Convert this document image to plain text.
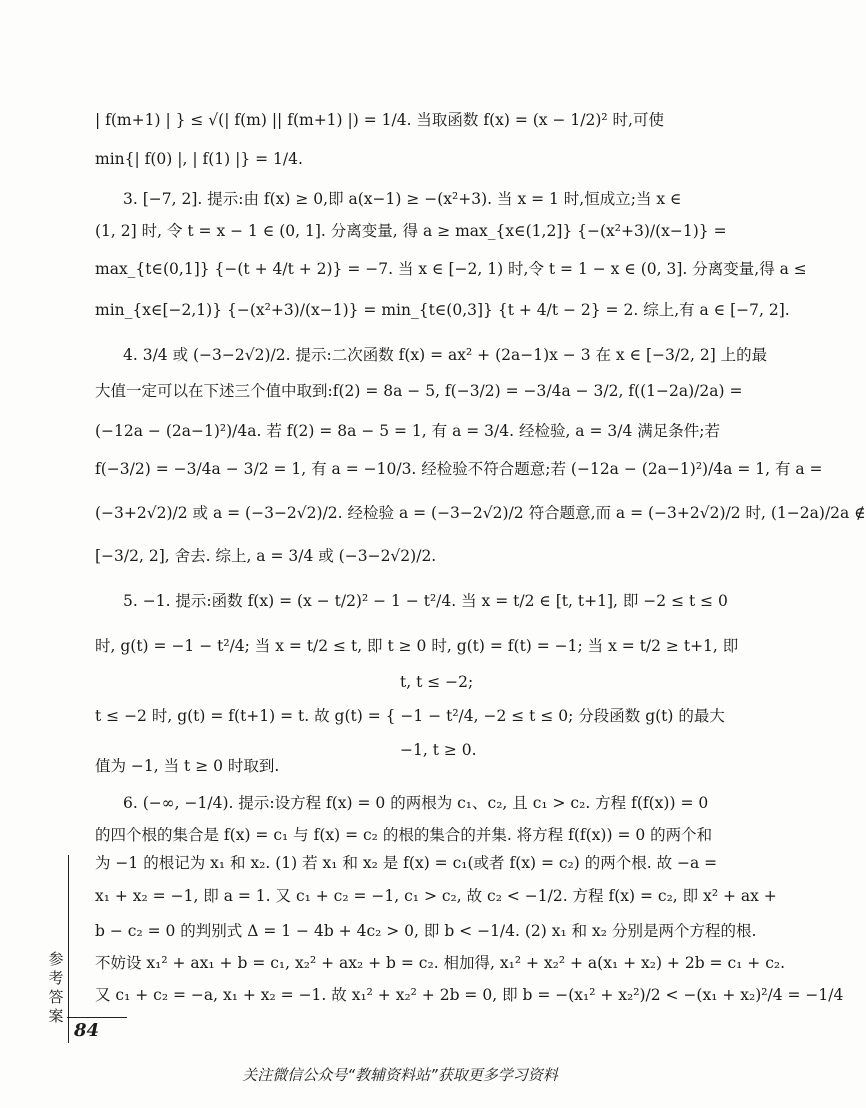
| f(m+1) | } ≤ √(| f(m) || f(m+1) |) = 1/4. 当取函数 f(x) = (x − 1/2)² 时,可使
min{| f(0) |, | f(1) |} = 1/4.
3. [−7, 2]. 提示:由 f(x) ≥ 0,即 a(x−1) ≥ −(x²+3). 当 x = 1 时,恒成立;当 x ∈
(1, 2] 时, 令 t = x − 1 ∈ (0, 1]. 分离变量, 得 a ≥ max_{x∈(1,2]} {−(x²+3)/(x−1)} =
max_{t∈(0,1]} {−(t + 4/t + 2)} = −7. 当 x ∈ [−2, 1) 时,令 t = 1 − x ∈ (0, 3]. 分离变量,得 a ≤
min_{x∈[−2,1)} {−(x²+3)/(x−1)} = min_{t∈(0,3]} {t + 4/t − 2} = 2. 综上,有 a ∈ [−7, 2].
4. 3/4 或 (−3−2√2)/2. 提示:二次函数 f(x) = ax² + (2a−1)x − 3 在 x ∈ [−3/2, 2] 上的最
大值一定可以在下述三个值中取到:f(2) = 8a − 5, f(−3/2) = −3/4a − 3/2, f((1−2a)/2a) =
(−12a − (2a−1)²)/4a. 若 f(2) = 8a − 5 = 1, 有 a = 3/4. 经检验, a = 3/4 满足条件;若
f(−3/2) = −3/4a − 3/2 = 1, 有 a = −10/3. 经检验不符合题意;若 (−12a − (2a−1)²)/4a = 1, 有 a =
(−3+2√2)/2 或 a = (−3−2√2)/2. 经检验 a = (−3−2√2)/2 符合题意,而 a = (−3+2√2)/2 时, (1−2a)/2a ∉
[−3/2, 2], 舍去. 综上, a = 3/4 或 (−3−2√2)/2.
5. −1. 提示:函数 f(x) = (x − t/2)² − 1 − t²/4. 当 x = t/2 ∈ [t, t+1], 即 −2 ≤ t ≤ 0
时, g(t) = −1 − t²/4; 当 x = t/2 ≤ t, 即 t ≥ 0 时, g(t) = f(t) = −1; 当 x = t/2 ≥ t+1, 即
t, t ≤ −2;
t ≤ −2 时, g(t) = f(t+1) = t. 故 g(t) = { −1 − t²/4, −2 ≤ t ≤ 0; 分段函数 g(t) 的最大
−1, t ≥ 0.
值为 −1, 当 t ≥ 0 时取到.
6. (−∞, −1/4). 提示:设方程 f(x) = 0 的两根为 c₁、c₂, 且 c₁ > c₂. 方程 f(f(x)) = 0
的四个根的集合是 f(x) = c₁ 与 f(x) = c₂ 的根的集合的并集. 将方程 f(f(x)) = 0 的两个和
为 −1 的根记为 x₁ 和 x₂. (1) 若 x₁ 和 x₂ 是 f(x) = c₁(或者 f(x) = c₂) 的两个根. 故 −a =
x₁ + x₂ = −1, 即 a = 1. 又 c₁ + c₂ = −1, c₁ > c₂, 故 c₂ < −1/2. 方程 f(x) = c₂, 即 x² + ax +
b − c₂ = 0 的判别式 Δ = 1 − 4b + 4c₂ > 0, 即 b < −1/4. (2) x₁ 和 x₂ 分别是两个方程的根.
不妨设 x₁² + ax₁ + b = c₁, x₂² + ax₂ + b = c₂. 相加得, x₁² + x₂² + a(x₁ + x₂) + 2b = c₁ + c₂.
又 c₁ + c₂ = −a, x₁ + x₂ = −1. 故 x₁² + x₂² + 2b = 0, 即 b = −(x₁² + x₂²)/2 < −(x₁ + x₂)²/4 = −1/4
参考答案
84
关注微信公众号“教辅资料站”获取更多学习资料
